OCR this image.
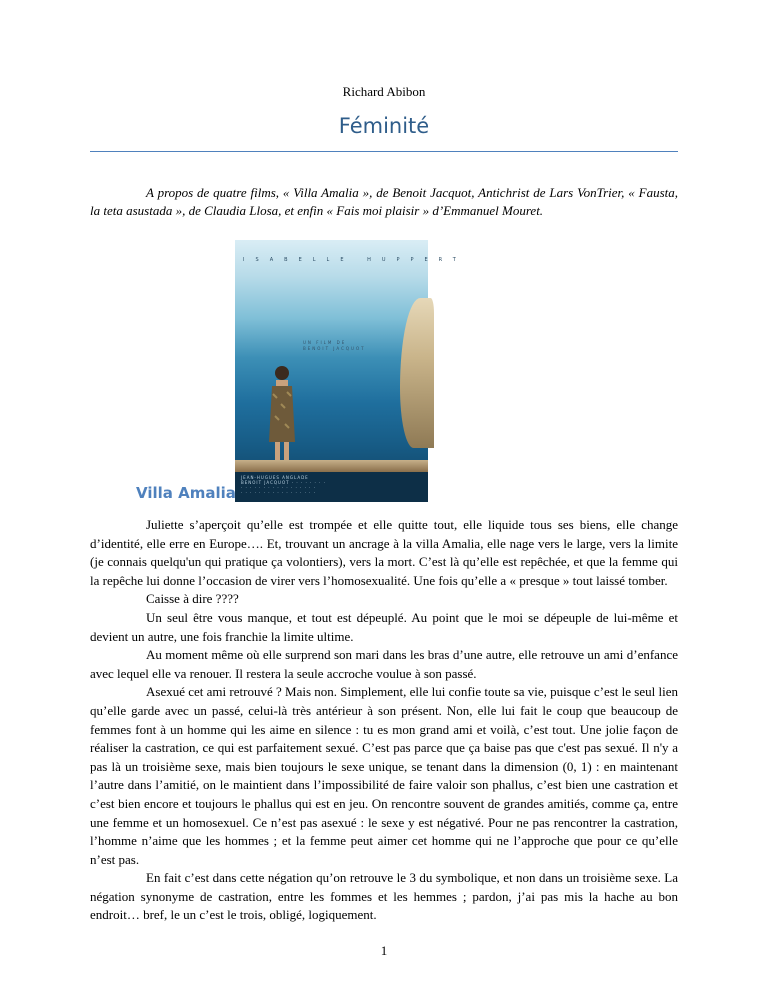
Richard Abibon
Féminité
A propos de quatre films, « Villa Amalia », de Benoit Jacquot, Antichrist de Lars VonTrier, « Fausta, la teta asustada », de Claudia Llosa, et enfin « Fais moi plaisir » d’Emmanuel Mouret.
ISABELLE HUPPERT
UN FILM DE
BENOIT JACQUOT
JEAN-HUGUES ANGLADE
BENOIT JACQUOT · · · · · · · ·
· · · · · · · · · · · · · · · · ·
· · · · · · · · · · · · · · · · ·
Villa Amalia

Juliette s’aperçoit qu’elle est trompée et elle quitte tout, elle liquide tous ses biens, elle change d’identité, elle erre en Europe…. Et, trouvant un ancrage à la villa Amalia, elle nage vers le large, vers la limite (je connais quelqu'un qui pratique ça volontiers), vers la mort. C’est là qu’elle est repêchée, et que la femme qui la repêche lui donne l’occasion de virer vers l’homosexualité. Une fois qu’elle a « presque » tout laissé tomber.

Caisse à dire ????

Un seul être vous manque, et tout est dépeuplé. Au point que le moi se dépeuple de lui-même et devient un autre, une fois franchie la limite ultime.

Au moment même où elle surprend son mari dans les bras d’une autre, elle retrouve un ami d’enfance avec lequel elle va renouer. Il restera la seule accroche voulue à son passé.

Asexué cet ami retrouvé ? Mais non. Simplement, elle lui confie toute sa vie, puisque c’est le seul lien qu’elle garde avec un passé, celui-là très antérieur à son présent. Non, elle lui fait le coup que beaucoup de femmes font à un homme qui les aime en silence : tu es mon grand ami et voilà, c’est tout. Une jolie façon de réaliser la castration, ce qui est parfaitement sexué. C’est pas parce que ça baise pas que c'est pas sexué. Il n'y a pas là un troisième sexe, mais bien toujours le sexe unique, se tenant dans la dimension (0, 1) : en maintenant l’autre dans l’amitié, on le maintient dans l’impossibilité de faire valoir son phallus, c’est bien une castration et c’est bien encore et toujours le phallus qui est en jeu. On rencontre souvent de grandes amitiés, comme ça, entre une femme et un homosexuel. Ce n’est pas asexué : le sexe y est négativé. Pour ne pas rencontrer la castration, l’homme n’aime que les hommes ; et la femme peut aimer cet homme qui ne l’approche que pour ce qu’elle n’est pas.

En fait c’est dans cette négation qu’on retrouve le 3 du symbolique, et non dans un troisième sexe. La négation synonyme de castration, entre les fommes et les hemmes ; pardon, j’ai pas mis la hache au bon endroit… bref, le un c’est le trois, obligé, logiquement.

1
